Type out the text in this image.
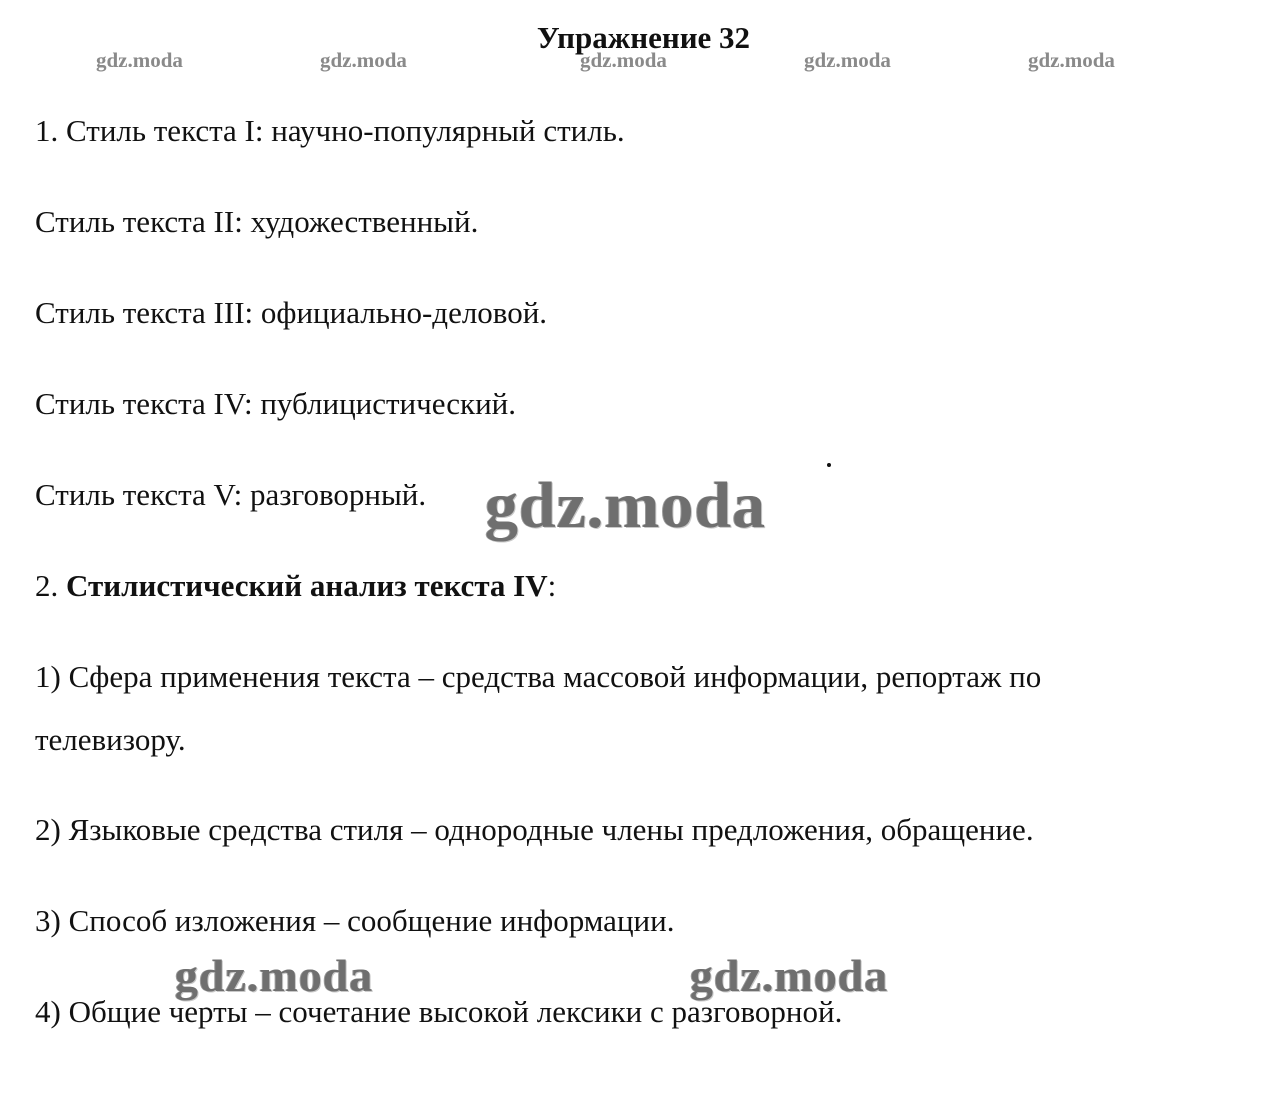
Упражнение 32
gdz.moda	gdz.moda	gdz.moda	gdz.moda	gdz.moda
1. Стиль текста I: научно-популярный стиль.
Стиль текста II: художественный.
Стиль текста III: официально-деловой.
Стиль текста IV: публицистический.
Стиль текста V: разговорный.
2. Стилистический анализ текста IV:
1) Сфера применения текста – средства массовой информации, репортаж по
телевизору.
2) Языковые средства стиля – однородные члены предложения, обращение.
3) Способ изложения – сообщение информации.
4) Общие черты – сочетание высокой лексики с разговорной.
gdz.moda
gdz.moda	gdz.moda
